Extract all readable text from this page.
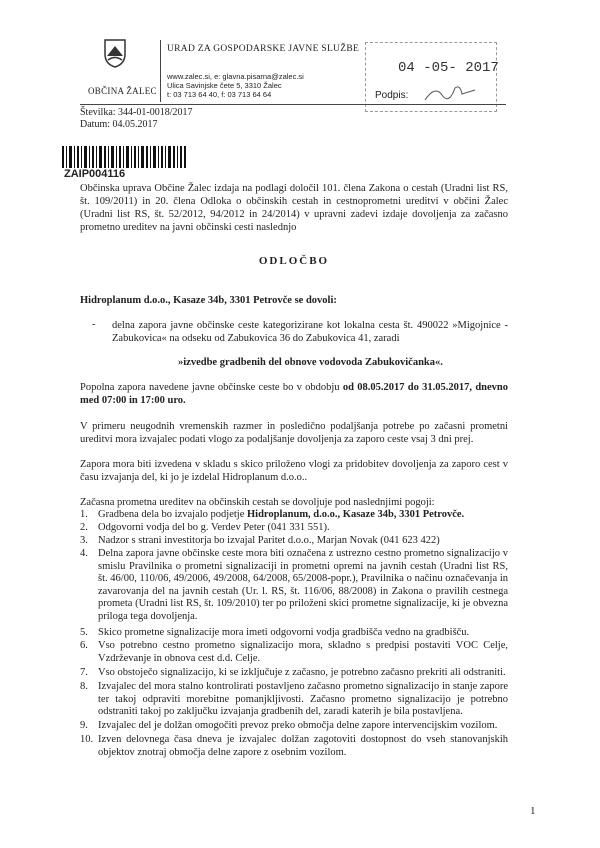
OBČINA ŽALEC
URAD ZA GOSPODARSKE JAVNE SLUŽBE
www.zalec.si, e: glavna.pisarna@zalec.si
Ulica Savinjske čete 5, 3310 Žalec
t: 03 713 64 40, f: 03 713 64 64
04 -05- 2017
Podpis:
Številka: 344-01-0018/2017
Datum: 04.05.2017
ZAIP004116
Občinska uprava Občine Žalec izdaja na podlagi določil 101. člena Zakona o cestah (Uradni list RS, št. 109/2011) in 20. člena Odloka o občinskih cestah in cestnoprometni ureditvi v občini Žalec (Uradni list RS, št. 52/2012, 94/2012 in 24/2014) v upravni zadevi izdaje dovoljenja za začasno prometno ureditev na javni občinski cesti naslednjo
ODLOČBO
Hidroplanum d.o.o., Kasaze 34b, 3301 Petrovče se dovoli:
- delna zapora javne občinske ceste kategorizirane kot lokalna cesta št. 490022 »Migojnice - Zabukovica« na odseku od Zabukovica 36 do Zabukovica 41, zaradi
»izvedbe gradbenih del obnove vodovoda Zabukovičanka«.
Popolna zapora navedene javne občinske ceste bo v obdobju od 08.05.2017 do 31.05.2017, dnevno med 07:00 in 17:00 uro.
V primeru neugodnih vremenskih razmer in posledično podaljšanja potrebe po začasni prometni ureditvi mora izvajalec podati vlogo za podaljšanje dovoljenja za zaporo ceste vsaj 3 dni prej.
Zapora mora biti izvedena v skladu s skico priloženo vlogi za pridobitev dovoljenja za zaporo cest v času izvajanja del, ki jo je izdelal Hidroplanum d.o.o..
Začasna prometna ureditev na občinskih cestah se dovoljuje pod naslednjimi pogoji:
1. Gradbena dela bo izvajalo podjetje Hidroplanum, d.o.o., Kasaze 34b, 3301 Petrovče.
2. Odgovorni vodja del bo g. Verdev Peter (041 331 551).
3. Nadzor s strani investitorja bo izvajal Paritet d.o.o., Marjan Novak (041 623 422)
4. Delna zapora javne občinske ceste mora biti označena z ustrezno cestno prometno signalizacijo v smislu Pravilnika o prometni signalizaciji in prometni opremi na javnih cestah (Uradni list RS, št. 46/00, 110/06, 49/2006, 49/2008, 64/2008, 65/2008-popr.), Pravilnika o načinu označevanja in zavarovanja del na javnih cestah (Ur. l. RS, št. 116/06, 88/2008) in Zakona o pravilih cestnega prometa (Uradni list RS, št. 109/2010) ter po priloženi skici prometne signalizacije, ki je obvezna priloga tega dovoljenja.
5. Skico prometne signalizacije mora imeti odgovorni vodja gradbišča vedno na gradbišču.
6. Vso potrebno cestno prometno signalizacijo mora, skladno s predpisi postaviti VOC Celje, Vzdrževanje in obnova cest d.d. Celje.
7. Vso obstoječo signalizacijo, ki se izključuje z začasno, je potrebno začasno prekriti ali odstraniti.
8. Izvajalec del mora stalno kontrolirati postavljeno začasno prometno signalizacijo in stanje zapore ter takoj odpraviti morebitne pomanjkljivosti. Začasno prometno signalizacijo je potrebno odstraniti takoj po zaključku izvajanja gradbenih del, zaradi katerih je bila postavljena.
9. Izvajalec del je dolžan omogočiti prevoz preko območja delne zapore intervencijskim vozilom.
10. Izven delovnega časa dneva je izvajalec dolžan zagotoviti dostopnost do vseh stanovanjskih objektov znotraj območja delne zapore z osebnim vozilom.
1
